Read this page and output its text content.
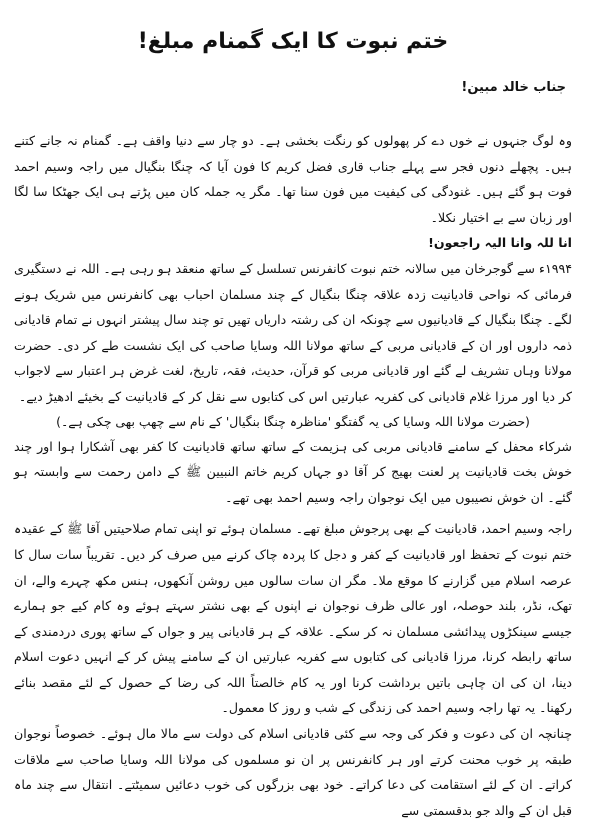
ختم نبوت کا ایک گمنام مبلغ!
جناب خالد مبین!

وہ لوگ جنہوں نے خوں دے کر پھولوں کو رنگت بخشی ہے۔ دو چار سے دنیا واقف ہے۔ گمنام نہ جانے کتنے ہیں۔ پچھلے دنوں فجر سے پہلے جناب قاری فضل کریم کا فون آیا کہ چنگا بنگیال میں راجہ وسیم احمد فوت ہو گئے ہیں۔ غنودگی کی کیفیت میں فون سنا تھا۔ مگر یہ جملہ کان میں پڑتے ہی ایک جھٹکا سا لگا اور زبان سے بے اختیار نکلا۔

انا للہ وانا الیہ راجعون!

۱۹۹۴ء سے گوجرخان میں سالانہ ختم نبوت کانفرنس تسلسل کے ساتھ منعقد ہو رہی ہے۔ اللہ نے دستگیری فرمائی کہ نواحی قادیانیت زدہ علاقہ چنگا بنگیال کے چند مسلمان احباب بھی کانفرنس میں شریک ہونے لگے۔ چنگا بنگیال کے قادیانیوں سے چونکہ ان کی رشتہ داریاں تھیں تو چند سال پیشتر انہوں نے تمام قادیانی ذمہ داروں اور ان کے قادیانی مربی کے ساتھ مولانا اللہ وسایا صاحب کی ایک نشست طے کر دی۔ حضرت مولانا وہاں تشریف لے گئے اور قادیانی مربی کو قرآن، حدیث، فقہ، تاریخ، لغت غرض ہر اعتبار سے لاجواب کر دیا اور مرزا غلام قادیانی کی کفریہ عبارتیں اس کی کتابوں سے نقل کر کے قادیانیت کے بخیئے ادھیڑ دیے۔

(حضرت مولانا اللہ وسایا کی یہ گفتگو 'مناظرہ چنگا بنگیال' کے نام سے چھپ بھی چکی ہے۔)

شرکاء محفل کے سامنے قادیانی مربی کی ہزیمت کے ساتھ ساتھ قادیانیت کا کفر بھی آشکارا ہوا اور چند خوش بخت قادیانیت پر لعنت بھیج کر آقا دو جہاں کریم خاتم النبیین ﷺ کے دامن رحمت سے وابستہ ہو گئے۔ ان خوش نصیبوں میں ایک نوجوان راجہ وسیم احمد بھی تھے۔

راجہ وسیم احمد، قادیانیت کے بھی پرجوش مبلغ تھے۔ مسلمان ہوئے تو اپنی تمام صلاحیتیں آقا ﷺ کے عقیدہ ختم نبوت کے تحفظ اور قادیانیت کے کفر و دجل کا پردہ چاک کرنے میں صرف کر دیں۔ تقریباً سات سال کا عرصہ اسلام میں گزارنے کا موقع ملا۔ مگر ان سات سالوں میں روشن آنکھوں، ہنس مکھ چہرے والے، ان تھک، نڈر، بلند حوصلہ، اور عالی ظرف نوجوان نے اپنوں کے بھی نشتر سہتے ہوئے وہ کام کیے جو ہمارے جیسے سینکڑوں پیدائشی مسلمان نہ کر سکے۔ علاقہ کے ہر قادیانی پیر و جواں کے ساتھ پوری دردمندی کے ساتھ رابطہ کرنا، مرزا قادیانی کی کتابوں سے کفریہ عبارتیں ان کے سامنے پیش کر کے انہیں دعوت اسلام دینا، ان کی ان چاہی باتیں برداشت کرنا اور یہ کام خالصتاً اللہ کی رضا کے حصول کے لئے مقصد بنائے رکھنا۔ یہ تھا راجہ وسیم احمد کی زندگی کے شب و روز کا معمول۔

چنانچہ ان کی دعوت و فکر کی وجہ سے کئی قادیانی اسلام کی دولت سے مالا مال ہوئے۔ خصوصاً نوجوان طبقہ پر خوب محنت کرتے اور ہر کانفرنس پر ان نو مسلموں کی مولانا اللہ وسایا صاحب سے ملاقات کراتے۔ ان کے لئے استقامت کی دعا کراتے۔ خود بھی بزرگوں کی خوب دعائیں سمیٹتے۔ انتقال سے چند ماہ قبل ان کے والد جو بدقسمتی سے
